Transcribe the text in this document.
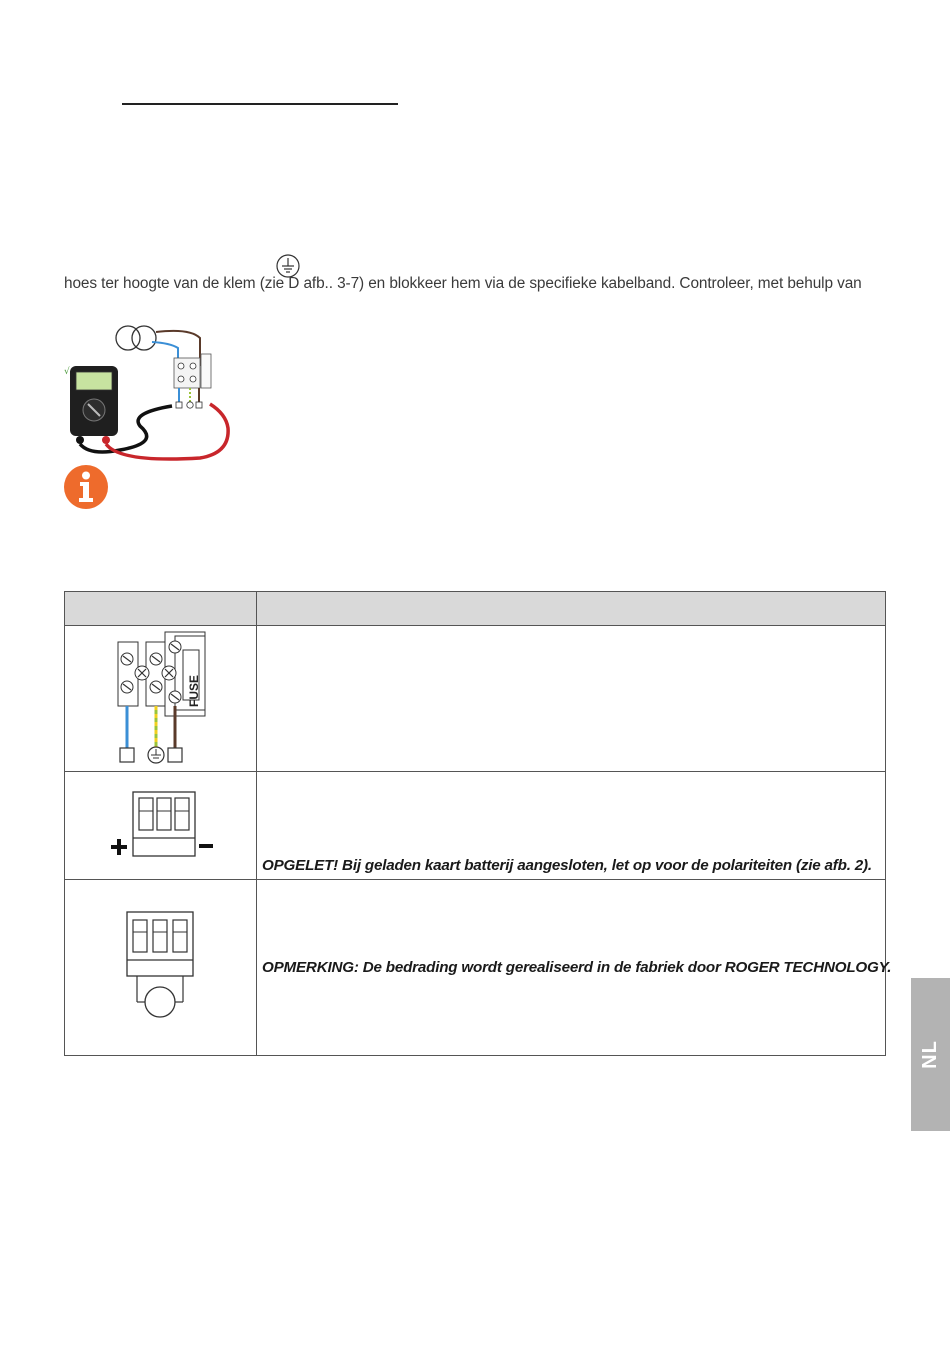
hoes ter hoogte van de klem (zie D afb.. 3-7) en blokkeer hem via de specifieke kabelband. Controleer, met behulp van
√

FUSE	

	OPGELET! Bij geladen kaart batterij aangesloten, let op voor de polariteiten (zie afb. 2).

	OPMERKING: De bedrading wordt gerealiseerd in de fabriek door ROGER TECHNOLOGY.
NL
